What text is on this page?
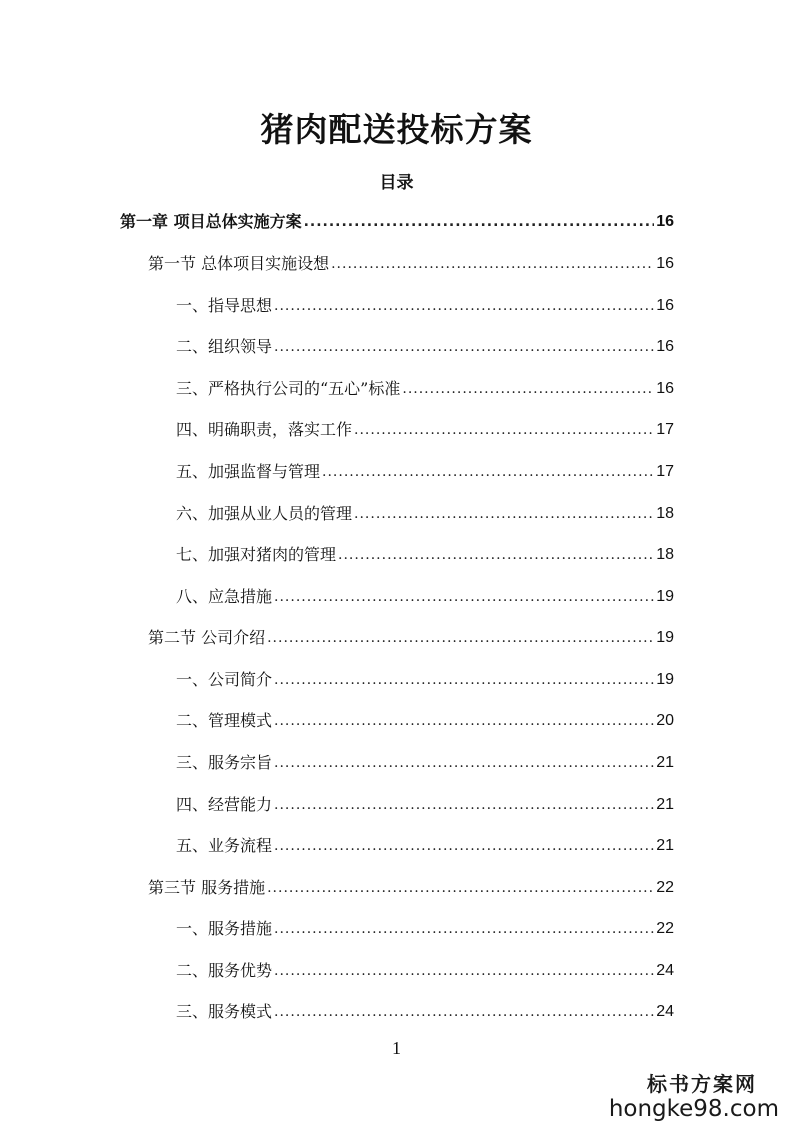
猪肉配送投标方案
目录
第一章 项目总体实施方案 .....	16
第一节 总体项目实施设想 .....	16
一、指导思想 .....	16
二、组织领导 .....	16
三、严格执行公司的“五心”标准 .....	16
四、明确职责，落实工作 .....	17
五、加强监督与管理 .....	17
六、加强从业人员的管理 .....	18
七、加强对猪肉的管理 .....	18
八、应急措施 .....	19
第二节 公司介绍 .....	19
一、公司简介 .....	19
二、管理模式 .....	20
三、服务宗旨 .....	21
四、经营能力 .....	21
五、业务流程 .....	21
第三节 服务措施 .....	22
一、服务措施 .....	22
二、服务优势 .....	24
三、服务模式 .....	24
1
标书方案网
hongke98.com
